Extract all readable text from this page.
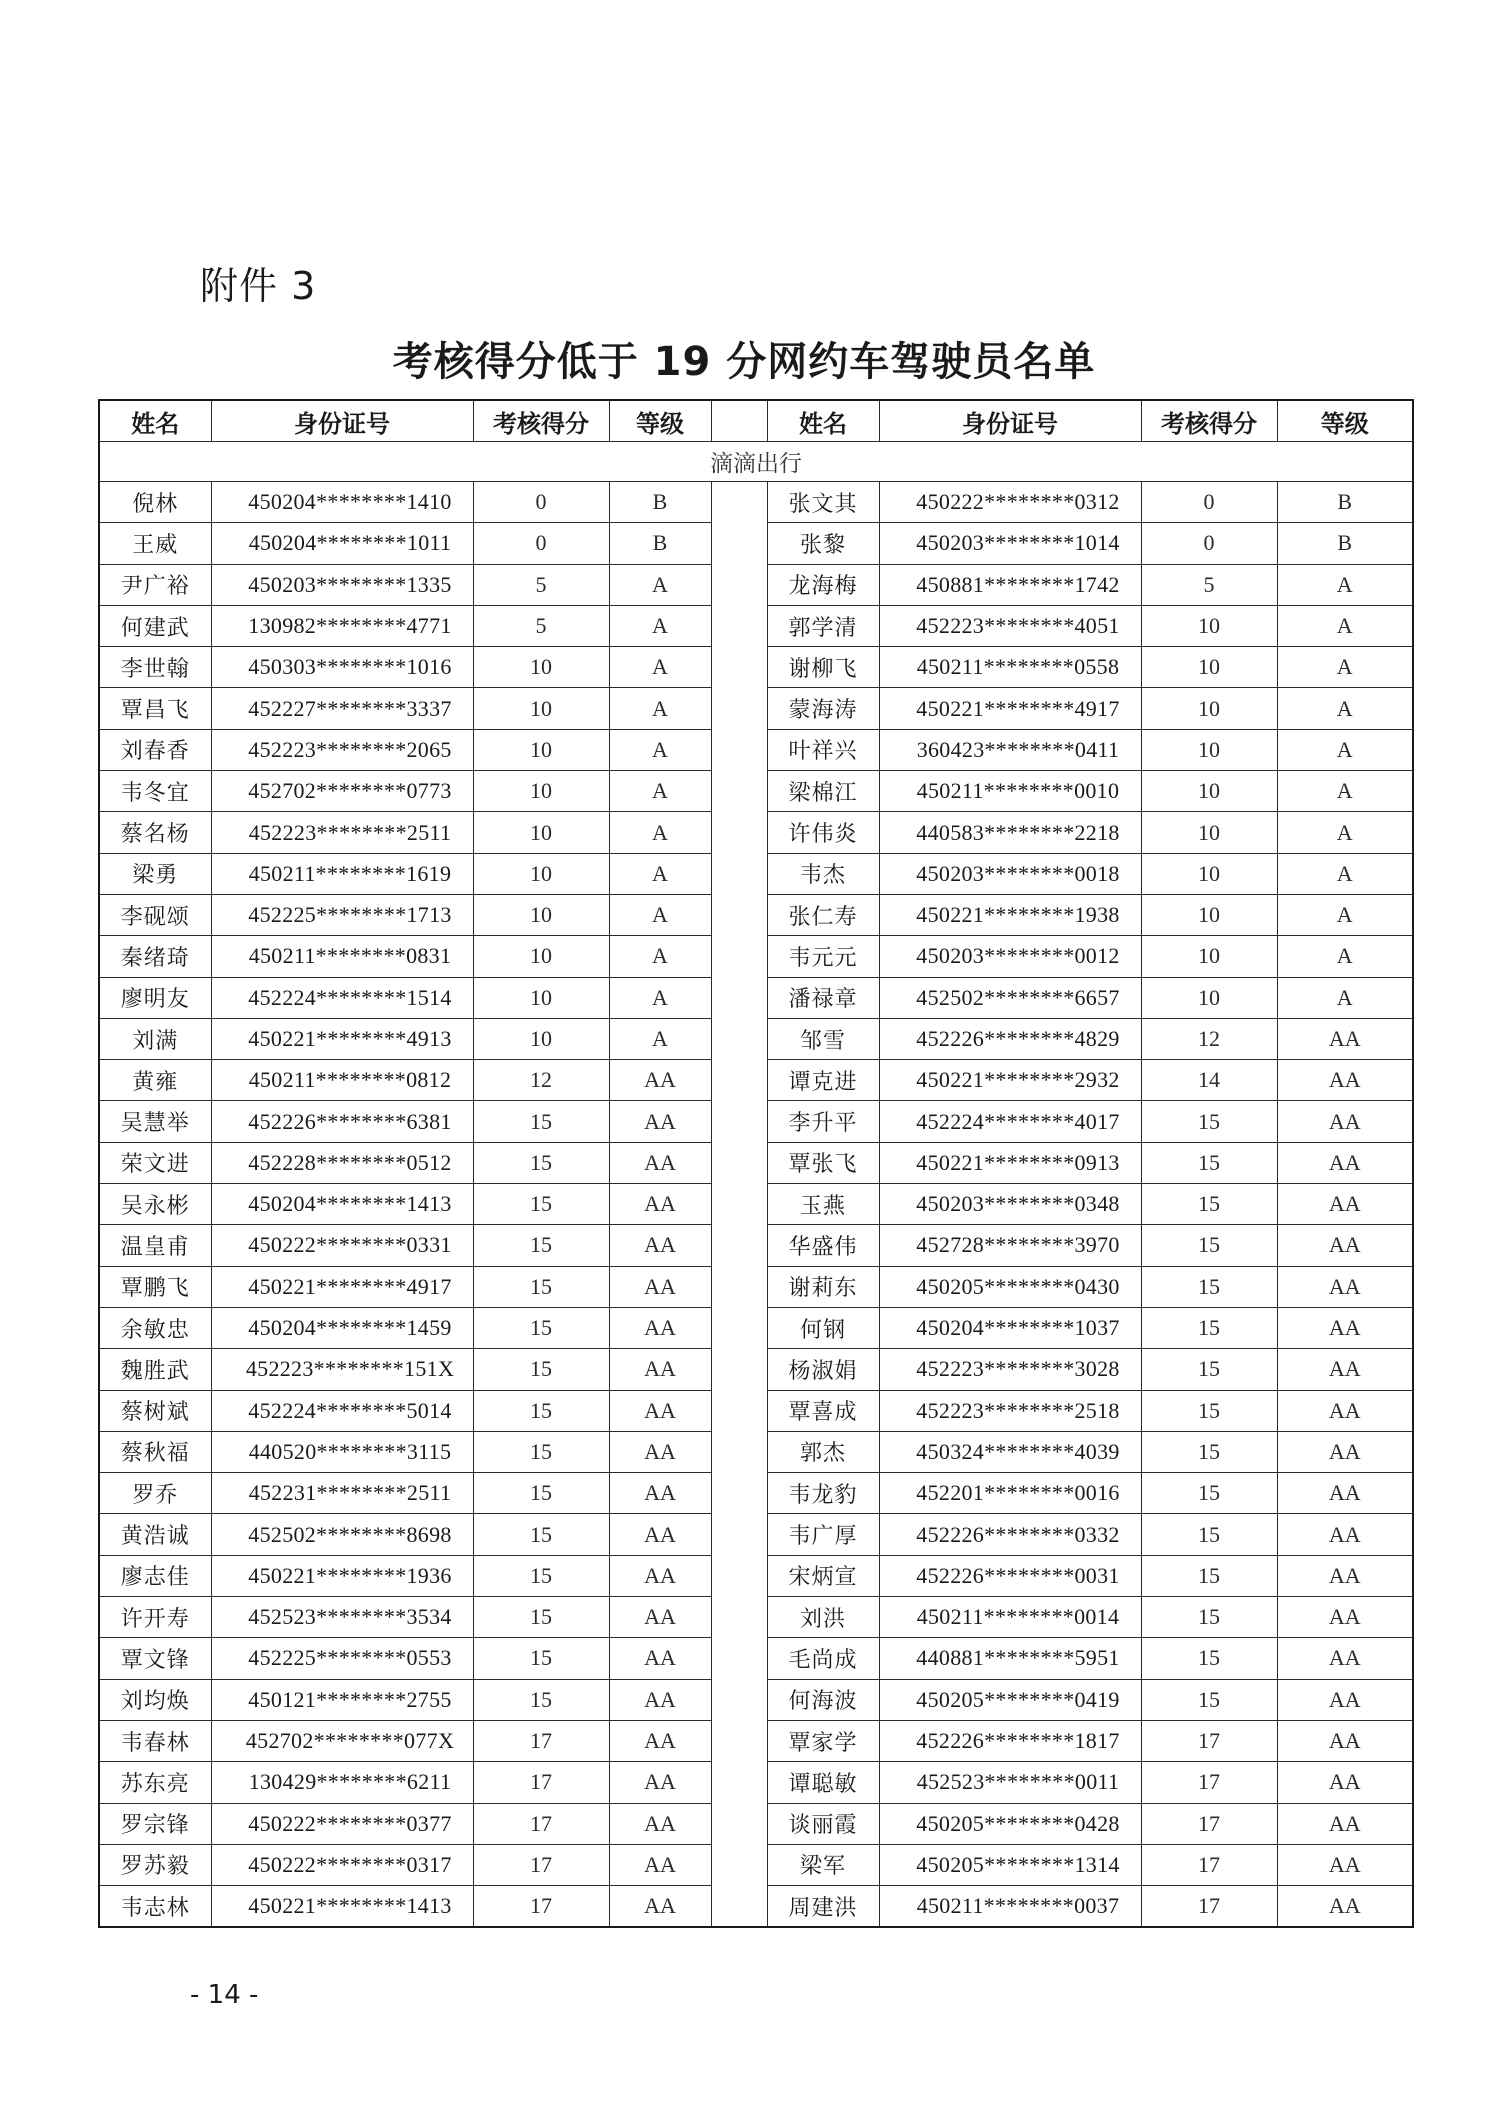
附件 3
考核得分低于 19 分网约车驾驶员名单
姓名	身份证号	考核得分	等级		姓名	身份证号	考核得分	等级
滴滴出行								
倪林	450204********1410	0	B		张文其	450222********0312	0	B
王威	450204********1011	0	B		张黎	450203********1014	0	B
尹广裕	450203********1335	5	A		龙海梅	450881********1742	5	A
何建武	130982********4771	5	A		郭学清	452223********4051	10	A
李世翰	450303********1016	10	A		谢柳飞	450211********0558	10	A
覃昌飞	452227********3337	10	A		蒙海涛	450221********4917	10	A
刘春香	452223********2065	10	A		叶祥兴	360423********0411	10	A
韦冬宜	452702********0773	10	A		梁棉江	450211********0010	10	A
蔡名杨	452223********2511	10	A		许伟炎	440583********2218	10	A
梁勇	450211********1619	10	A		韦杰	450203********0018	10	A
李砚颂	452225********1713	10	A		张仁寿	450221********1938	10	A
秦绪琦	450211********0831	10	A		韦元元	450203********0012	10	A
廖明友	452224********1514	10	A		潘禄章	452502********6657	10	A
刘满	450221********4913	10	A		邹雪	452226********4829	12	AA
黄雍	450211********0812	12	AA		谭克进	450221********2932	14	AA
吴慧举	452226********6381	15	AA		李升平	452224********4017	15	AA
荣文进	452228********0512	15	AA		覃张飞	450221********0913	15	AA
吴永彬	450204********1413	15	AA		玉燕	450203********0348	15	AA
温皇甫	450222********0331	15	AA		华盛伟	452728********3970	15	AA
覃鹏飞	450221********4917	15	AA		谢莉东	450205********0430	15	AA
余敏忠	450204********1459	15	AA		何钢	450204********1037	15	AA
魏胜武	452223********151X	15	AA		杨淑娟	452223********3028	15	AA
蔡树斌	452224********5014	15	AA		覃喜成	452223********2518	15	AA
蔡秋福	440520********3115	15	AA		郭杰	450324********4039	15	AA
罗乔	452231********2511	15	AA		韦龙豹	452201********0016	15	AA
黄浩诚	452502********8698	15	AA		韦广厚	452226********0332	15	AA
廖志佳	450221********1936	15	AA		宋炳宣	452226********0031	15	AA
许开寿	452523********3534	15	AA		刘洪	450211********0014	15	AA
覃文锋	452225********0553	15	AA		毛尚成	440881********5951	15	AA
刘均焕	450121********2755	15	AA		何海波	450205********0419	15	AA
韦春林	452702********077X	17	AA		覃家学	452226********1817	17	AA
苏东亮	130429********6211	17	AA		谭聪敏	452523********0011	17	AA
罗宗锋	450222********0377	17	AA		谈丽霞	450205********0428	17	AA
罗苏毅	450222********0317	17	AA		梁军	450205********1314	17	AA
韦志林	450221********1413	17	AA		周建洪	450211********0037	17	AA
- 14 -
